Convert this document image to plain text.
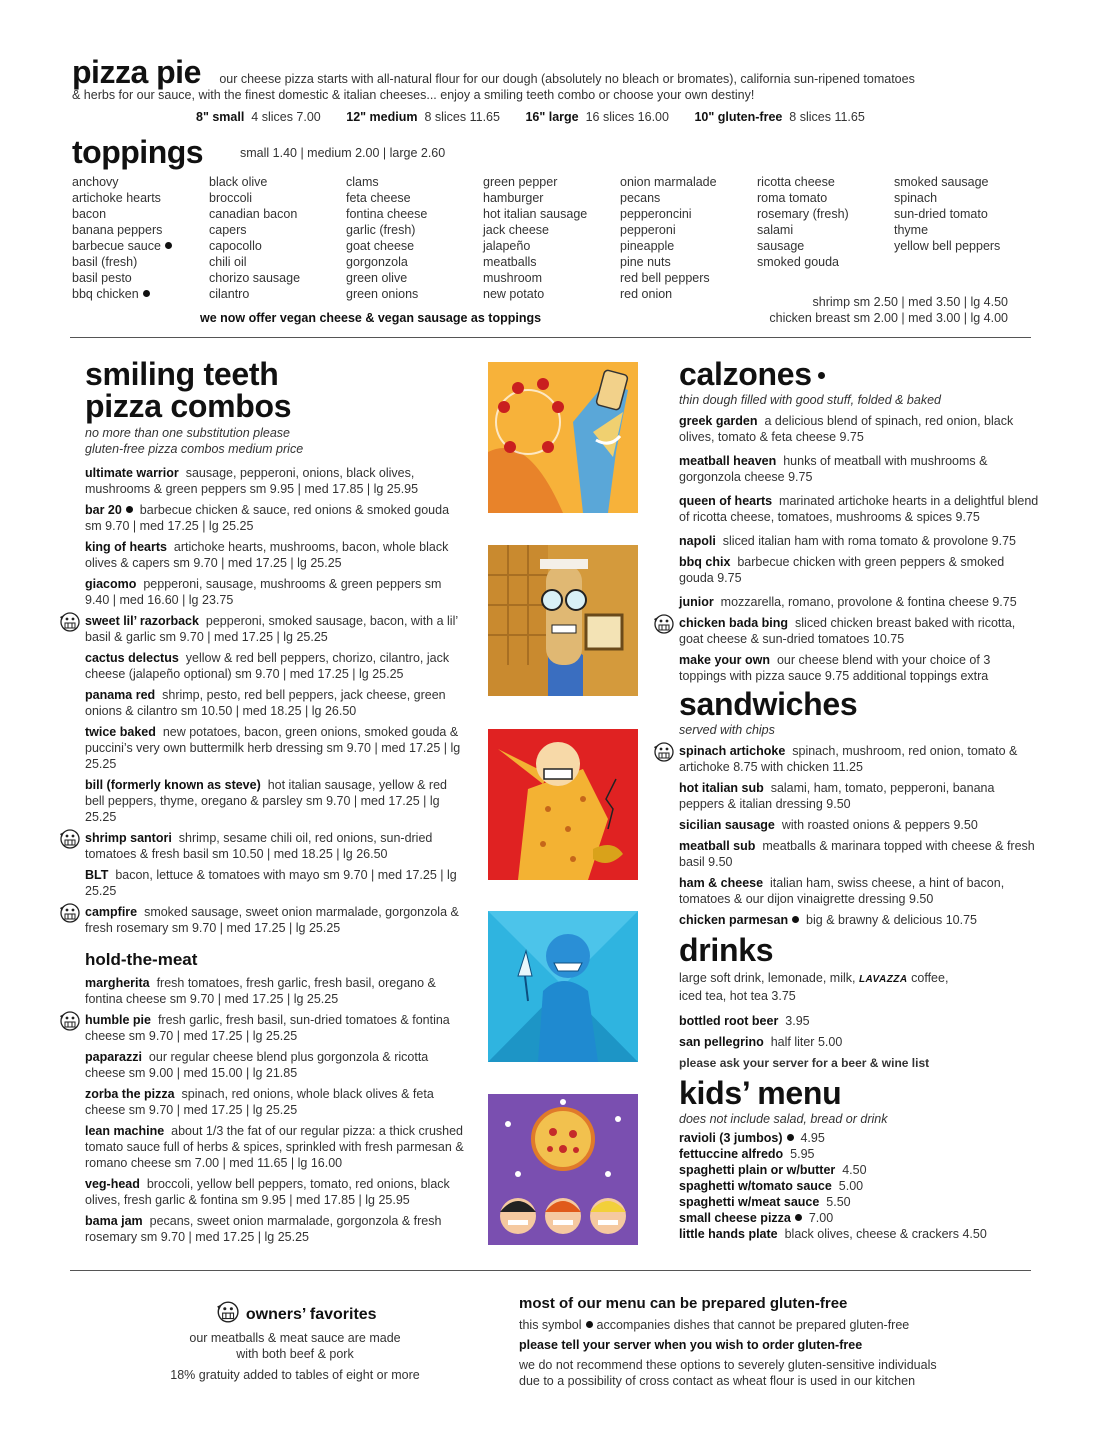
pizza pie our cheese pizza starts with all-natural flour for our dough (absolutely no bleach or bromates), california sun-ripened tomatoes
& herbs for our sauce, with the finest domestic & italian cheeses... enjoy a smiling teeth combo or choose your own destiny!
8" small 4 slices 7.00 12" medium 8 slices 11.65 16" large 16 slices 16.00 10" gluten-free 8 slices 11.65
toppings	small 1.40 | medium 2.00 | large 2.60
anchovy
artichoke hearts
bacon
banana peppers
barbecue sauce
basil (fresh)
basil pesto
bbq chicken
black olive
broccoli
canadian bacon
capers
capocollo
chili oil
chorizo sausage
cilantro
clams
feta cheese
fontina cheese
garlic (fresh)
goat cheese
gorgonzola
green olive
green onions
green pepper
hamburger
hot italian sausage
jack cheese
jalapeño
meatballs
mushroom
new potato
onion marmalade
pecans
pepperoncini
pepperoni
pineapple
pine nuts
red bell peppers
red onion
ricotta cheese
roma tomato
rosemary (fresh)
salami
sausage
smoked gouda
smoked sausage
spinach
sun-dried tomato
thyme
yellow bell peppers
shrimp sm 2.50 | med 3.50 | lg 4.50
we now offer vegan cheese & vegan sausage as toppings	chicken breast sm 2.00 | med 3.00 | lg 4.00
smiling teeth
pizza combos
no more than one substitution please
gluten-free pizza combos medium price
ultimate warrior sausage, pepperoni, onions, black olives, mushrooms & green peppers sm 9.95 | med 17.85 | lg 25.95
bar 20 barbecue chicken & sauce, red onions & smoked gouda sm 9.70 | med 17.25 | lg 25.25
king of hearts artichoke hearts, mushrooms, bacon, whole black olives & capers sm 9.70 | med 17.25 | lg 25.25
giacomo pepperoni, sausage, mushrooms & green peppers sm 9.40 | med 16.60 | lg 23.75
sweet lil’ razorback pepperoni, smoked sausage, bacon, with a lil’ basil & garlic sm 9.70 | med 17.25 | lg 25.25
cactus delectus yellow & red bell peppers, chorizo, cilantro, jack cheese (jalapeño optional) sm 9.70 | med 17.25 | lg 25.25
panama red shrimp, pesto, red bell peppers, jack cheese, green onions & cilantro sm 10.50 | med 18.25 | lg 26.50
twice baked new potatoes, bacon, green onions, smoked gouda & puccini’s very own buttermilk herb dressing sm 9.70 | med 17.25 | lg 25.25
bill (formerly known as steve) hot italian sausage, yellow & red bell peppers, thyme, oregano & parsley sm 9.70 | med 17.25 | lg 25.25
shrimp santori shrimp, sesame chili oil, red onions, sun-dried tomatoes & fresh basil sm 10.50 | med 18.25 | lg 26.50
BLT bacon, lettuce & tomatoes with mayo sm 9.70 | med 17.25 | lg 25.25
campfire smoked sausage, sweet onion marmalade, gorgonzola & fresh rosemary sm 9.70 | med 17.25 | lg 25.25
hold-the-meat
margherita fresh tomatoes, fresh garlic, fresh basil, oregano & fontina cheese sm 9.70 | med 17.25 | lg 25.25
humble pie fresh garlic, fresh basil, sun-dried tomatoes & fontina cheese sm 9.70 | med 17.25 | lg 25.25
paparazzi our regular cheese blend plus gorgonzola & ricotta cheese sm 9.00 | med 15.00 | lg 21.85
zorba the pizza spinach, red onions, whole black olives & feta cheese sm 9.70 | med 17.25 | lg 25.25
lean machine about 1/3 the fat of our regular pizza: a thick crushed tomato sauce full of herbs & spices, sprinkled with fresh parmesan & romano cheese sm 7.00 | med 11.65 | lg 16.00
veg-head broccoli, yellow bell peppers, tomato, red onions, black olives, fresh garlic & fontina sm 9.95 | med 17.85 | lg 25.95
bama jam pecans, sweet onion marmalade, gorgonzola & fresh rosemary sm 9.70 | med 17.25 | lg 25.25
calzones
thin dough filled with good stuff, folded & baked
greek garden a delicious blend of spinach, red onion, black olives, tomato & feta cheese 9.75
meatball heaven hunks of meatball with mushrooms & gorgonzola cheese 9.75
queen of hearts marinated artichoke hearts in a delightful blend of ricotta cheese, tomatoes, mushrooms & spices 9.75
napoli sliced italian ham with roma tomato & provolone 9.75
bbq chix barbecue chicken with green peppers & smoked gouda 9.75
junior mozzarella, romano, provolone & fontina cheese 9.75
chicken bada bing sliced chicken breast baked with ricotta, goat cheese & sun-dried tomatoes 10.75
make your own our cheese blend with your choice of 3 toppings with pizza sauce 9.75 additional toppings extra
sandwiches
served with chips
spinach artichoke spinach, mushroom, red onion, tomato & artichoke 8.75 with chicken 11.25
hot italian sub salami, ham, tomato, pepperoni, banana peppers & italian dressing 9.50
sicilian sausage with roasted onions & peppers 9.50
meatball sub meatballs & marinara topped with cheese & fresh basil 9.50
ham & cheese italian ham, swiss cheese, a hint of bacon, tomatoes & our dijon vinaigrette dressing 9.50
chicken parmesan big & brawny & delicious 10.75
drinks
large soft drink, lemonade, milk, LAVAZZA coffee,
iced tea, hot tea 3.75
bottled root beer 3.95
san pellegrino half liter 5.00
please ask your server for a beer & wine list
kids’ menu
does not include salad, bread or drink
ravioli (3 jumbos) 4.95
fettuccine alfredo 5.95
spaghetti plain or w/butter 4.50
spaghetti w/tomato sauce 5.00
spaghetti w/meat sauce 5.50
small cheese pizza 7.00
little hands plate black olives, cheese & crackers 4.50
owners’ favorites
our meatballs & meat sauce are made
with both beef & pork
18% gratuity added to tables of eight or more
most of our menu can be prepared gluten-free
this symbol accompanies dishes that cannot be prepared gluten-free
please tell your server when you wish to order gluten-free
we do not recommend these options to severely gluten-sensitive individuals
due to a possibility of cross contact as wheat flour is used in our kitchen
